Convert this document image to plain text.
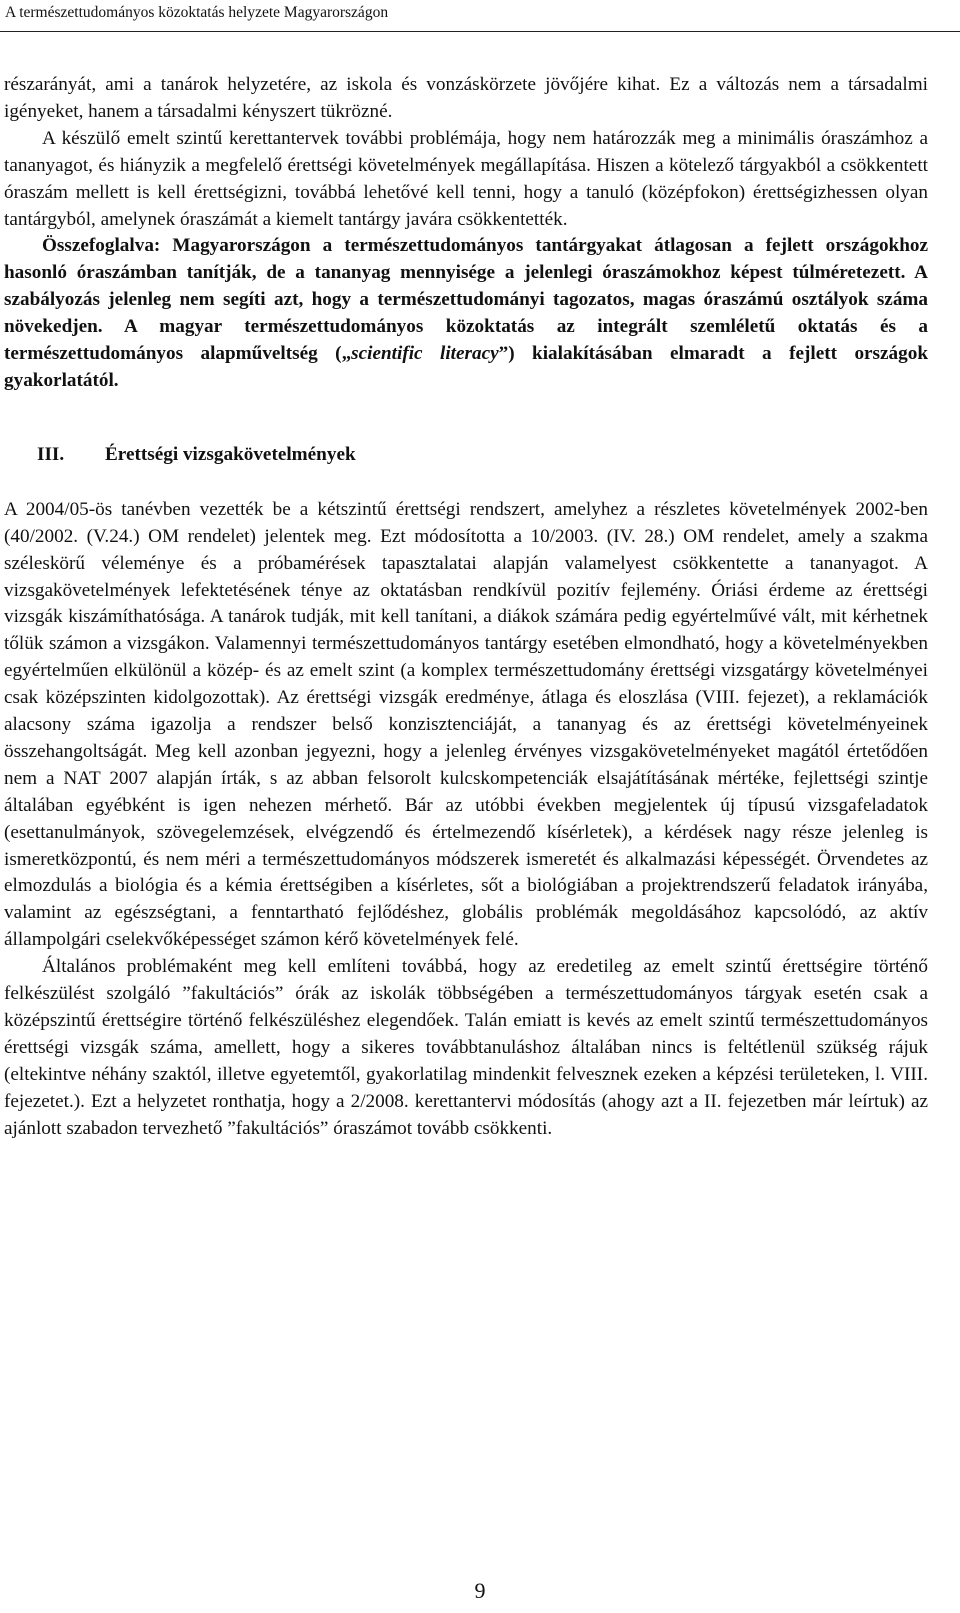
A természettudományos közoktatás helyzete Magyarországon

részarányát, ami a tanárok helyzetére, az iskola és vonzáskörzete jövőjére kihat. Ez a változás nem a társadalmi igényeket, hanem a társadalmi kényszert tükrözné.

A készülő emelt szintű kerettantervek további problémája, hogy nem határozzák meg a minimális óraszámhoz a tananyagot, és hiányzik a megfelelő érettségi követelmények megállapítása. Hiszen a kötelező tárgyakból a csökkentett óraszám mellett is kell érettségizni, továbbá lehetővé kell tenni, hogy a tanuló (középfokon) érettségizhessen olyan tantárgyból, amelynek óraszámát a kiemelt tantárgy javára csökkentették.

Összefoglalva: Magyarországon a természettudományos tantárgyakat átlagosan a fejlett országokhoz hasonló óraszámban tanítják, de a tananyag mennyisége a jelenlegi óraszámokhoz képest túlméretezett. A szabályozás jelenleg nem segíti azt, hogy a természettudományi tagozatos, magas óraszámú osztályok száma növekedjen. A magyar természettudományos közoktatás az integrált szemléletű oktatás és a természettudományos alapműveltség („scientific literacy”) kialakításában elmaradt a fejlett országok gyakorlatától.

III. Érettségi vizsgakövetelmények

A 2004/05-ös tanévben vezették be a kétszintű érettségi rendszert, amelyhez a részletes követelmények 2002-ben (40/2002. (V.24.) OM rendelet) jelentek meg. Ezt módosította a 10/2003. (IV. 28.) OM rendelet, amely a szakma széleskörű véleménye és a próbamérések tapasztalatai alapján valamelyest csökkentette a tananyagot. A vizsgakövetelmények lefektetésének ténye az oktatásban rendkívül pozitív fejlemény. Óriási érdeme az érettségi vizsgák kiszámíthatósága. A tanárok tudják, mit kell tanítani, a diákok számára pedig egyértelművé vált, mit kérhetnek tőlük számon a vizsgákon. Valamennyi természettudományos tantárgy esetében elmondható, hogy a követelményekben egyértelműen elkülönül a közép- és az emelt szint (a komplex természettudomány érettségi vizsgatárgy követelményei csak középszinten kidolgozottak). Az érettségi vizsgák eredménye, átlaga és eloszlása (VIII. fejezet), a reklamációk alacsony száma igazolja a rendszer belső konzisztenciáját, a tananyag és az érettségi követelményeinek összehangoltságát. Meg kell azonban jegyezni, hogy a jelenleg érvényes vizsgakövetelményeket magától értetődően nem a NAT 2007 alapján írták, s az abban felsorolt kulcskompetenciák elsajátításának mértéke, fejlettségi szintje általában egyébként is igen nehezen mérhető. Bár az utóbbi években megjelentek új típusú vizsgafeladatok (esettanulmányok, szövegelemzések, elvégzendő és értelmezendő kísérletek), a kérdések nagy része jelenleg is ismeretközpontú, és nem méri a természettudományos módszerek ismeretét és alkalmazási képességét. Örvendetes az elmozdulás a biológia és a kémia érettségiben a kísérletes, sőt a biológiában a projektrendszerű feladatok irányába, valamint az egészségtani, a fenntartható fejlődéshez, globális problémák megoldásához kapcsolódó, az aktív állampolgári cselekvőképességet számon kérő követelmények felé.

Általános problémaként meg kell említeni továbbá, hogy az eredetileg az emelt szintű érettségire történő felkészülést szolgáló ”fakultációs” órák az iskolák többségében a természettudományos tárgyak esetén csak a középszintű érettségire történő felkészüléshez elegendőek. Talán emiatt is kevés az emelt szintű természettudományos érettségi vizsgák száma, amellett, hogy a sikeres továbbtanuláshoz általában nincs is feltétlenül szükség rájuk (eltekintve néhány szaktól, illetve egyetemtől, gyakorlatilag mindenkit felvesznek ezeken a képzési területeken, l. VIII. fejezetet.). Ezt a helyzetet ronthatja, hogy a 2/2008. kerettantervi módosítás (ahogy azt a II. fejezetben már leírtuk) az ajánlott szabadon tervezhető ”fakultációs” óraszámot tovább csökkenti.

9
